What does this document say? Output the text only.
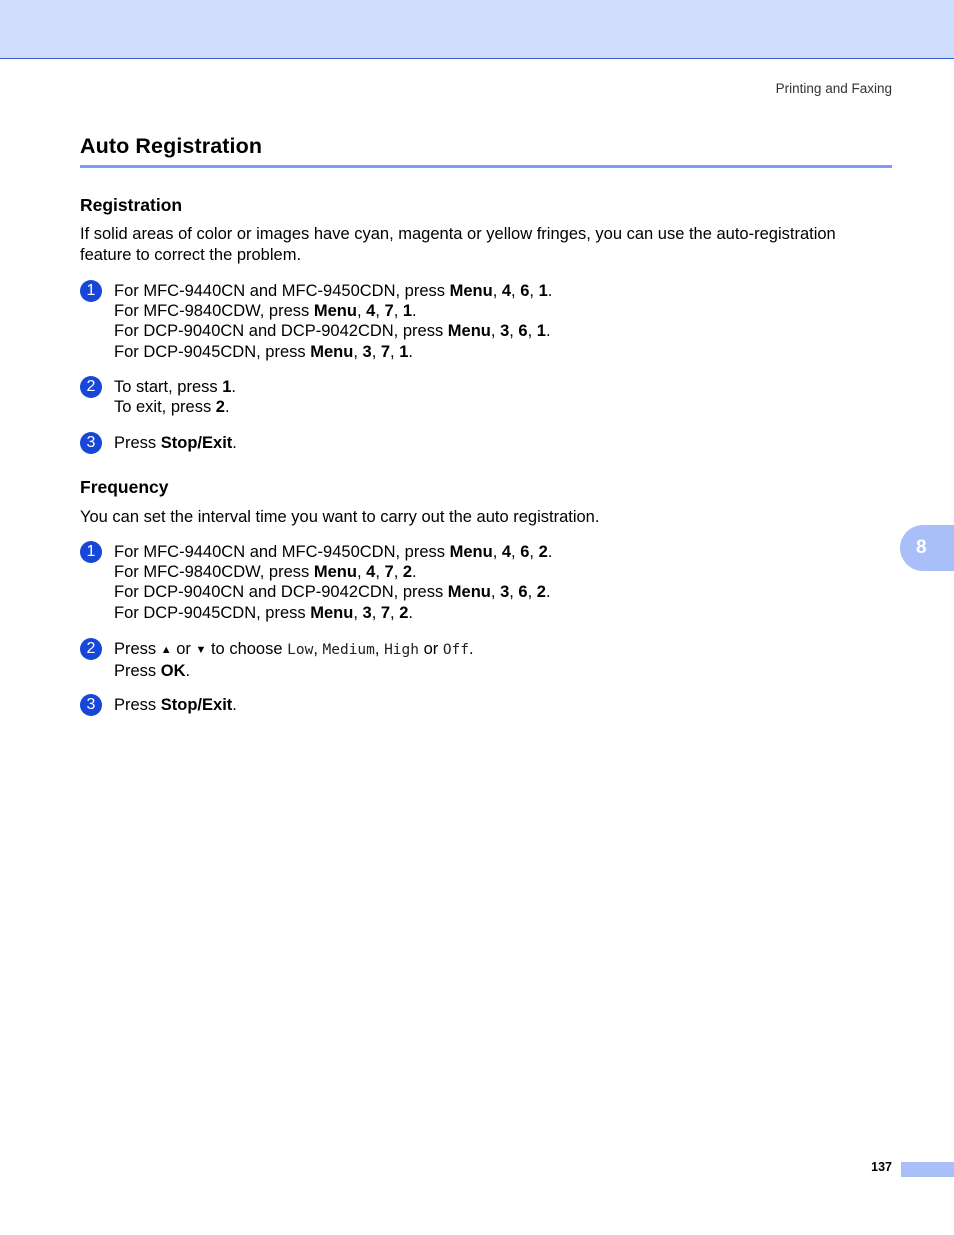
Printing and Faxing
Auto Registration
Registration

If solid areas of color or images have cyan, magenta or yellow fringes, you can use the auto-registration
feature to correct the problem.

1	For MFC-9440CN and MFC-9450CDN, press Menu, 4, 6, 1.
For MFC-9840CDW, press Menu, 4, 7, 1.
For DCP-9040CN and DCP-9042CDN, press Menu, 3, 6, 1.
For DCP-9045CDN, press Menu, 3, 7, 1.
2	To start, press 1.
To exit, press 2.
3	Press Stop/Exit.
Frequency

You can set the interval time you want to carry out the auto registration.

1	For MFC-9440CN and MFC-9450CDN, press Menu, 4, 6, 2.
For MFC-9840CDW, press Menu, 4, 7, 2.
For DCP-9040CN and DCP-9042CDN, press Menu, 3, 6, 2.
For DCP-9045CDN, press Menu, 3, 7, 2.
2	Press ▲ or ▼ to choose Low, Medium, High or Off.
Press OK.
3	Press Stop/Exit.
8
137
